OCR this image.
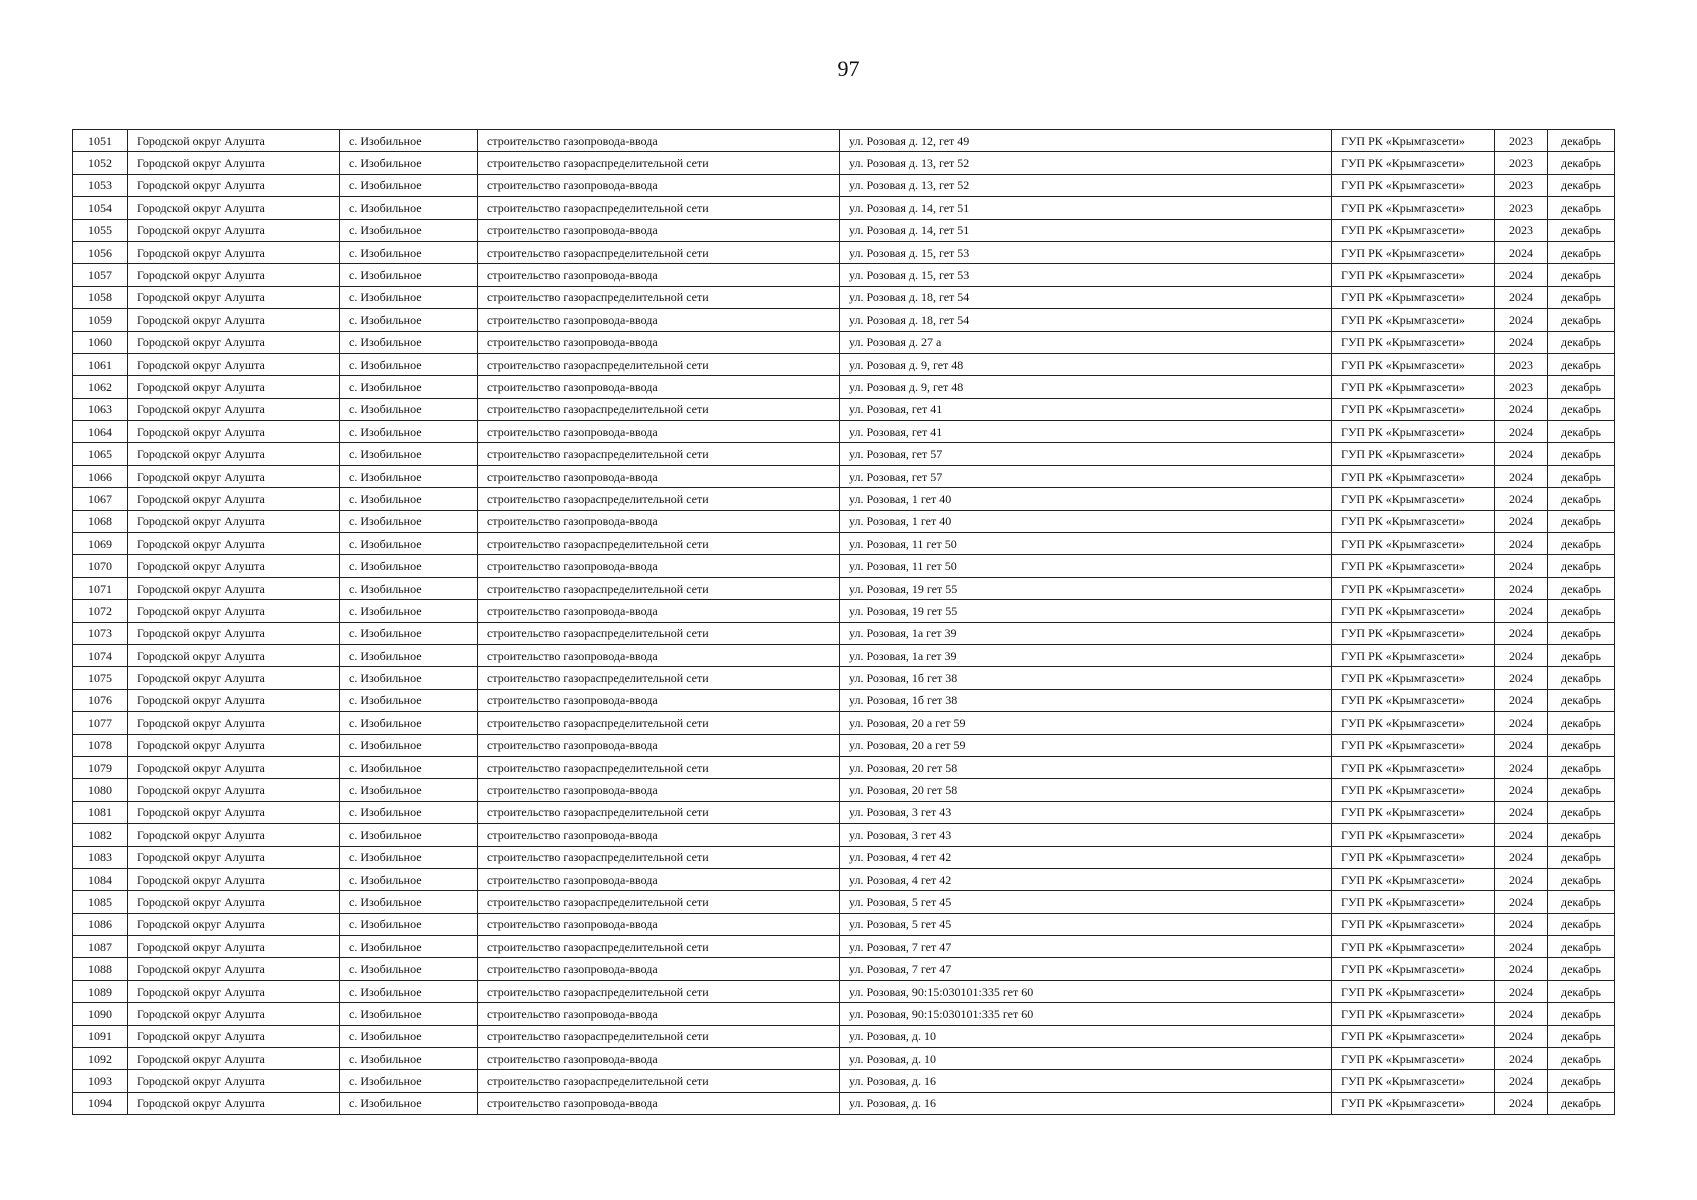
97
1051	Городской округ Алушта	с. Изобильное	строительство газопровода-ввода	ул. Розовая д. 12, гет 49	ГУП РК «Крымгазсети»	2023	декабрь
1052	Городской округ Алушта	с. Изобильное	строительство газораспределительной сети	ул. Розовая д. 13, гет 52	ГУП РК «Крымгазсети»	2023	декабрь
1053	Городской округ Алушта	с. Изобильное	строительство газопровода-ввода	ул. Розовая д. 13, гет 52	ГУП РК «Крымгазсети»	2023	декабрь
1054	Городской округ Алушта	с. Изобильное	строительство газораспределительной сети	ул. Розовая д. 14, гет 51	ГУП РК «Крымгазсети»	2023	декабрь
1055	Городской округ Алушта	с. Изобильное	строительство газопровода-ввода	ул. Розовая д. 14, гет 51	ГУП РК «Крымгазсети»	2023	декабрь
1056	Городской округ Алушта	с. Изобильное	строительство газораспределительной сети	ул. Розовая д. 15, гет 53	ГУП РК «Крымгазсети»	2024	декабрь
1057	Городской округ Алушта	с. Изобильное	строительство газопровода-ввода	ул. Розовая д. 15, гет 53	ГУП РК «Крымгазсети»	2024	декабрь
1058	Городской округ Алушта	с. Изобильное	строительство газораспределительной сети	ул. Розовая д. 18, гет 54	ГУП РК «Крымгазсети»	2024	декабрь
1059	Городской округ Алушта	с. Изобильное	строительство газопровода-ввода	ул. Розовая д. 18, гет 54	ГУП РК «Крымгазсети»	2024	декабрь
1060	Городской округ Алушта	с. Изобильное	строительство газопровода-ввода	ул. Розовая д. 27 а	ГУП РК «Крымгазсети»	2024	декабрь
1061	Городской округ Алушта	с. Изобильное	строительство газораспределительной сети	ул. Розовая д. 9, гет 48	ГУП РК «Крымгазсети»	2023	декабрь
1062	Городской округ Алушта	с. Изобильное	строительство газопровода-ввода	ул. Розовая д. 9, гет 48	ГУП РК «Крымгазсети»	2023	декабрь
1063	Городской округ Алушта	с. Изобильное	строительство газораспределительной сети	ул. Розовая, гет 41	ГУП РК «Крымгазсети»	2024	декабрь
1064	Городской округ Алушта	с. Изобильное	строительство газопровода-ввода	ул. Розовая, гет 41	ГУП РК «Крымгазсети»	2024	декабрь
1065	Городской округ Алушта	с. Изобильное	строительство газораспределительной сети	ул. Розовая, гет 57	ГУП РК «Крымгазсети»	2024	декабрь
1066	Городской округ Алушта	с. Изобильное	строительство газопровода-ввода	ул. Розовая, гет 57	ГУП РК «Крымгазсети»	2024	декабрь
1067	Городской округ Алушта	с. Изобильное	строительство газораспределительной сети	ул. Розовая, 1 гет 40	ГУП РК «Крымгазсети»	2024	декабрь
1068	Городской округ Алушта	с. Изобильное	строительство газопровода-ввода	ул. Розовая, 1 гет 40	ГУП РК «Крымгазсети»	2024	декабрь
1069	Городской округ Алушта	с. Изобильное	строительство газораспределительной сети	ул. Розовая, 11 гет 50	ГУП РК «Крымгазсети»	2024	декабрь
1070	Городской округ Алушта	с. Изобильное	строительство газопровода-ввода	ул. Розовая, 11 гет 50	ГУП РК «Крымгазсети»	2024	декабрь
1071	Городской округ Алушта	с. Изобильное	строительство газораспределительной сети	ул. Розовая, 19 гет 55	ГУП РК «Крымгазсети»	2024	декабрь
1072	Городской округ Алушта	с. Изобильное	строительство газопровода-ввода	ул. Розовая, 19 гет 55	ГУП РК «Крымгазсети»	2024	декабрь
1073	Городской округ Алушта	с. Изобильное	строительство газораспределительной сети	ул. Розовая, 1а гет 39	ГУП РК «Крымгазсети»	2024	декабрь
1074	Городской округ Алушта	с. Изобильное	строительство газопровода-ввода	ул. Розовая, 1а гет 39	ГУП РК «Крымгазсети»	2024	декабрь
1075	Городской округ Алушта	с. Изобильное	строительство газораспределительной сети	ул. Розовая, 1б гет 38	ГУП РК «Крымгазсети»	2024	декабрь
1076	Городской округ Алушта	с. Изобильное	строительство газопровода-ввода	ул. Розовая, 1б гет 38	ГУП РК «Крымгазсети»	2024	декабрь
1077	Городской округ Алушта	с. Изобильное	строительство газораспределительной сети	ул. Розовая, 20 а гет 59	ГУП РК «Крымгазсети»	2024	декабрь
1078	Городской округ Алушта	с. Изобильное	строительство газопровода-ввода	ул. Розовая, 20 а гет 59	ГУП РК «Крымгазсети»	2024	декабрь
1079	Городской округ Алушта	с. Изобильное	строительство газораспределительной сети	ул. Розовая, 20 гет 58	ГУП РК «Крымгазсети»	2024	декабрь
1080	Городской округ Алушта	с. Изобильное	строительство газопровода-ввода	ул. Розовая, 20 гет 58	ГУП РК «Крымгазсети»	2024	декабрь
1081	Городской округ Алушта	с. Изобильное	строительство газораспределительной сети	ул. Розовая, 3 гет 43	ГУП РК «Крымгазсети»	2024	декабрь
1082	Городской округ Алушта	с. Изобильное	строительство газопровода-ввода	ул. Розовая, 3 гет 43	ГУП РК «Крымгазсети»	2024	декабрь
1083	Городской округ Алушта	с. Изобильное	строительство газораспределительной сети	ул. Розовая, 4 гет 42	ГУП РК «Крымгазсети»	2024	декабрь
1084	Городской округ Алушта	с. Изобильное	строительство газопровода-ввода	ул. Розовая, 4 гет 42	ГУП РК «Крымгазсети»	2024	декабрь
1085	Городской округ Алушта	с. Изобильное	строительство газораспределительной сети	ул. Розовая, 5 гет 45	ГУП РК «Крымгазсети»	2024	декабрь
1086	Городской округ Алушта	с. Изобильное	строительство газопровода-ввода	ул. Розовая, 5 гет 45	ГУП РК «Крымгазсети»	2024	декабрь
1087	Городской округ Алушта	с. Изобильное	строительство газораспределительной сети	ул. Розовая, 7 гет 47	ГУП РК «Крымгазсети»	2024	декабрь
1088	Городской округ Алушта	с. Изобильное	строительство газопровода-ввода	ул. Розовая, 7 гет 47	ГУП РК «Крымгазсети»	2024	декабрь
1089	Городской округ Алушта	с. Изобильное	строительство газораспределительной сети	ул. Розовая, 90:15:030101:335 гет 60	ГУП РК «Крымгазсети»	2024	декабрь
1090	Городской округ Алушта	с. Изобильное	строительство газопровода-ввода	ул. Розовая, 90:15:030101:335 гет 60	ГУП РК «Крымгазсети»	2024	декабрь
1091	Городской округ Алушта	с. Изобильное	строительство газораспределительной сети	ул. Розовая, д. 10	ГУП РК «Крымгазсети»	2024	декабрь
1092	Городской округ Алушта	с. Изобильное	строительство газопровода-ввода	ул. Розовая, д. 10	ГУП РК «Крымгазсети»	2024	декабрь
1093	Городской округ Алушта	с. Изобильное	строительство газораспределительной сети	ул. Розовая, д. 16	ГУП РК «Крымгазсети»	2024	декабрь
1094	Городской округ Алушта	с. Изобильное	строительство газопровода-ввода	ул. Розовая, д. 16	ГУП РК «Крымгазсети»	2024	декабрь
